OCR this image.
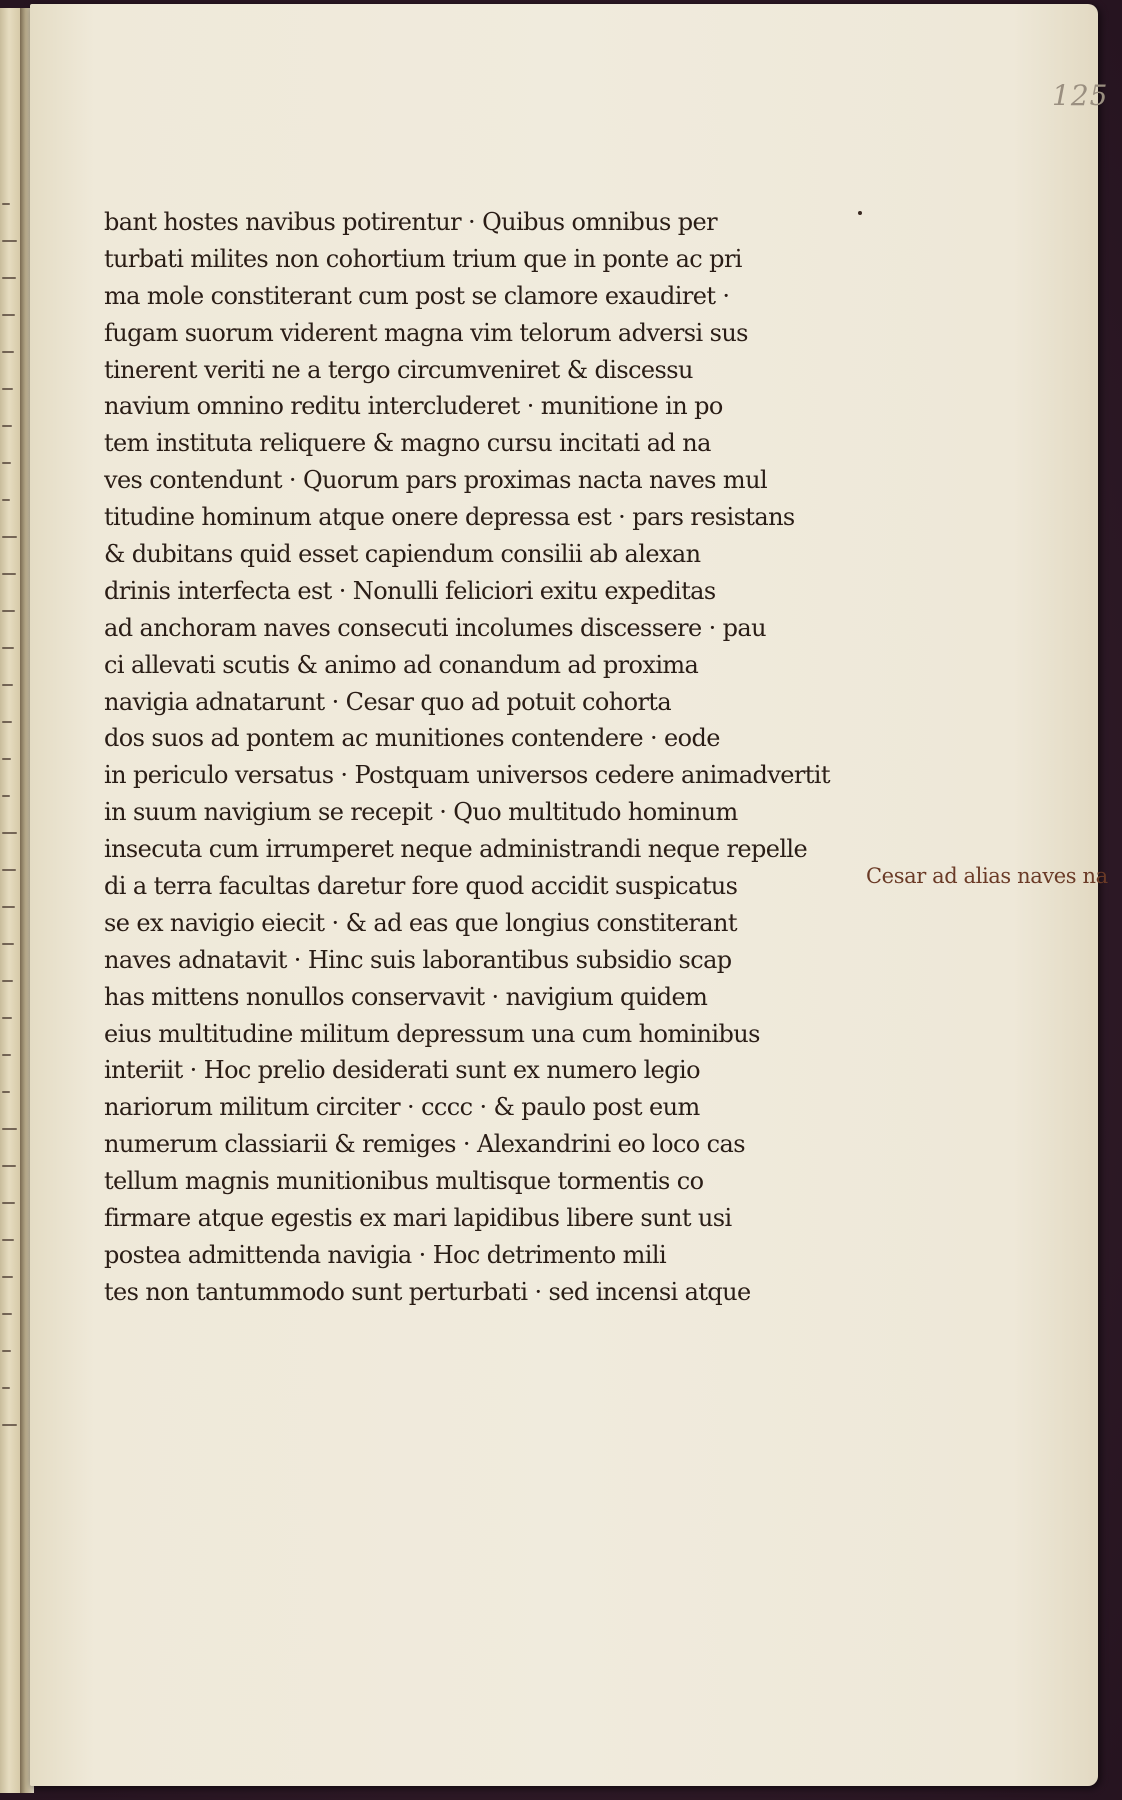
125
bant hostes navibus potirentur · Quibus omnibus per
turbati milites non cohortium trium que in ponte ac pri
ma mole constiterant cum post se clamore exaudiret ·
fugam suorum viderent magna vim telorum adversi sus
tinerent veriti ne a tergo circumveniret & discessu
navium omnino reditu intercluderet · munitione in po
tem instituta reliquere & magno cursu incitati ad na
ves contendunt · Quorum pars proximas nacta naves mul
titudine hominum atque onere depressa est · pars resistans
& dubitans quid esset capiendum consilii ab alexan
drinis interfecta est · Nonulli feliciori exitu expeditas
ad anchoram naves consecuti incolumes discessere · pau
ci allevati scutis & animo ad conandum ad proxima
navigia adnatarunt · Cesar quo ad potuit cohorta
dos suos ad pontem ac munitiones contendere · eode
in periculo versatus · Postquam universos cedere animadvertit
in suum navigium se recepit · Quo multitudo hominum
insecuta cum irrumperet neque administrandi neque repelle
di a terra facultas daretur fore quod accidit suspicatus
se ex navigio eiecit · & ad eas que longius constiterant
naves adnatavit · Hinc suis laborantibus subsidio scap
has mittens nonullos conservavit · navigium quidem
eius multitudine militum depressum una cum hominibus
interiit · Hoc prelio desiderati sunt ex numero legio
nariorum militum circiter · cccc · & paulo post eum
numerum classiarii & remiges · Alexandrini eo loco cas
tellum magnis munitionibus multisque tormentis co
firmare atque egestis ex mari lapidibus libere sunt usi
postea admittenda navigia · Hoc detrimento mili
tes non tantummodo sunt perturbati · sed incensi atque
Cesar ad alias naves na
